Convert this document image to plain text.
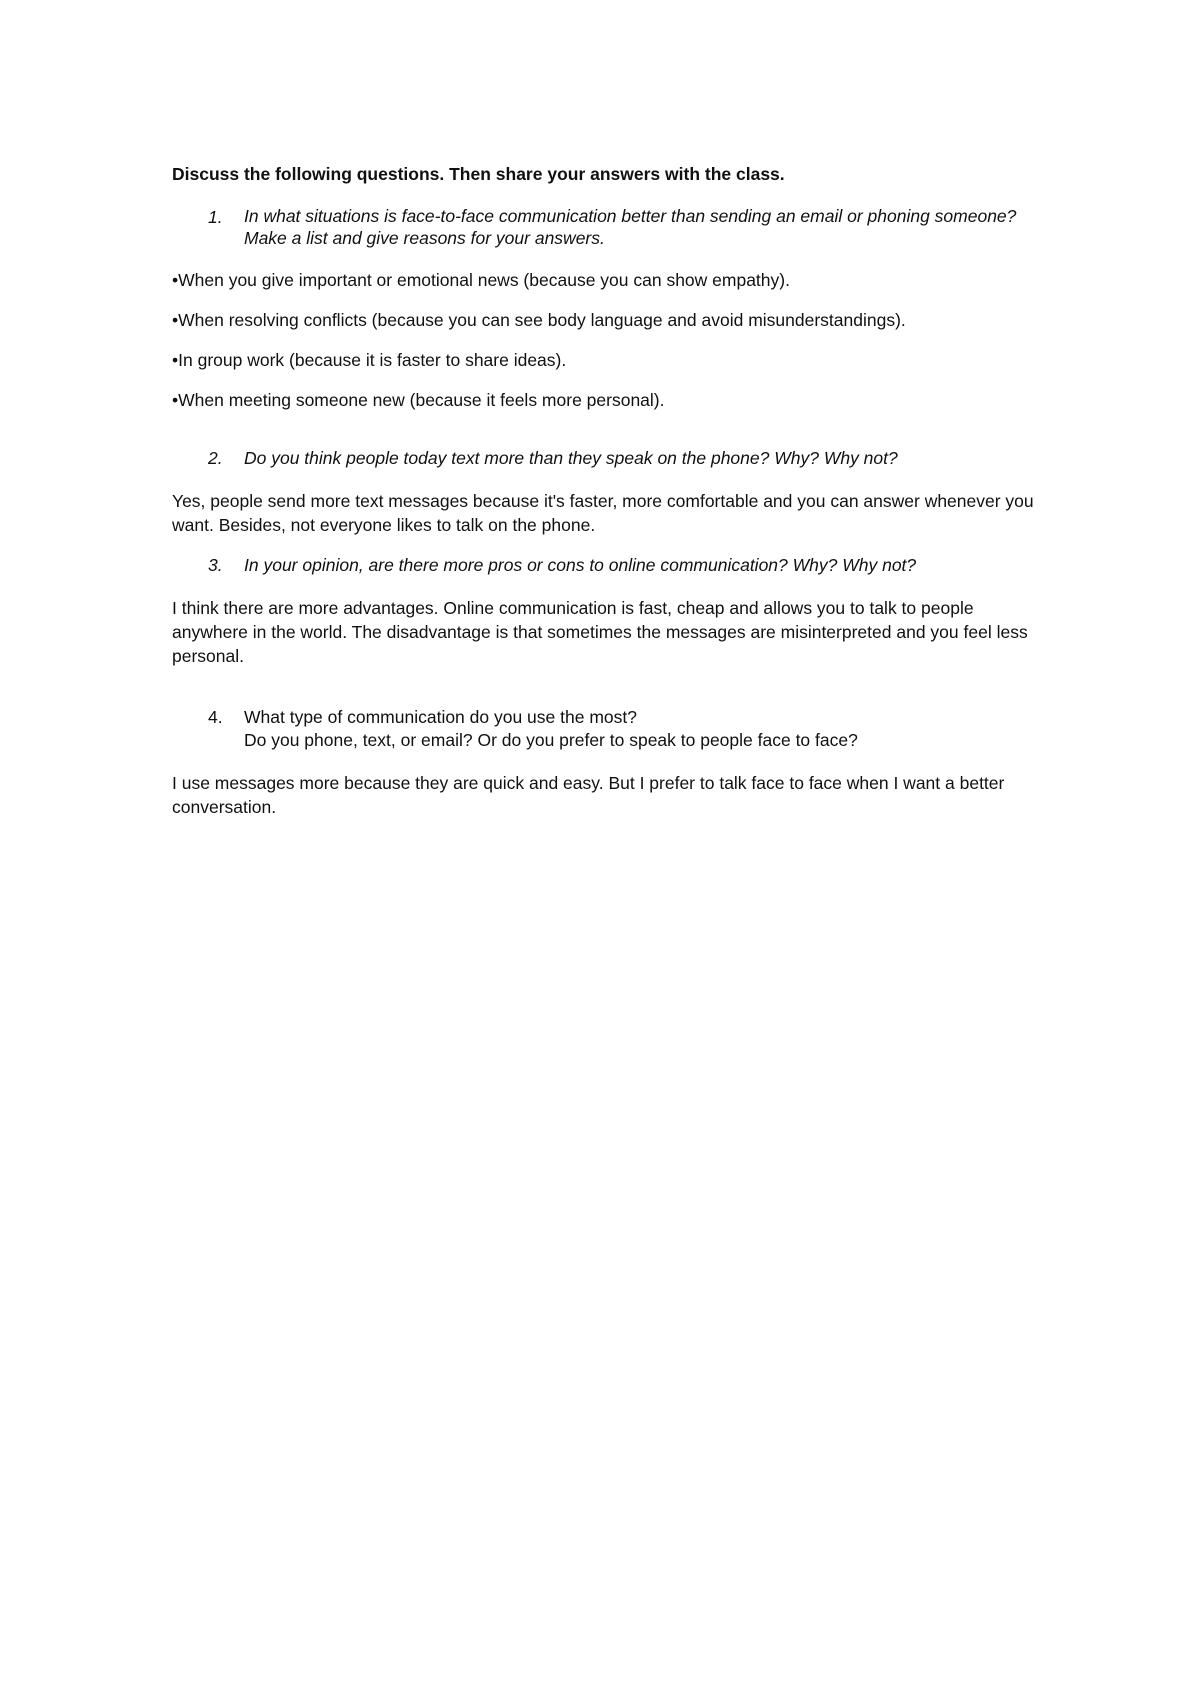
Discuss the following questions. Then share your answers with the class.
1.	In what situations is face-to-face communication better than sending an email or phoning someone?
Make a list and give reasons for your answers.
•When you give important or emotional news (because you can show empathy).
•When resolving conflicts (because you can see body language and avoid misunderstandings).
•In group work (because it is faster to share ideas).
•When meeting someone new (because it feels more personal).
2.	Do you think people today text more than they speak on the phone? Why? Why not?
Yes, people send more text messages because it's faster, more comfortable and you can answer whenever you want. Besides, not everyone likes to talk on the phone.
3.	In your opinion, are there more pros or cons to online communication? Why? Why not?
I think there are more advantages. Online communication is fast, cheap and allows you to talk to people anywhere in the world. The disadvantage is that sometimes the messages are misinterpreted and you feel less personal.
4.	What type of communication do you use the most?
Do you phone, text, or email? Or do you prefer to speak to people face to face?
I use messages more because they are quick and easy. But I prefer to talk face to face when I want a better conversation.
